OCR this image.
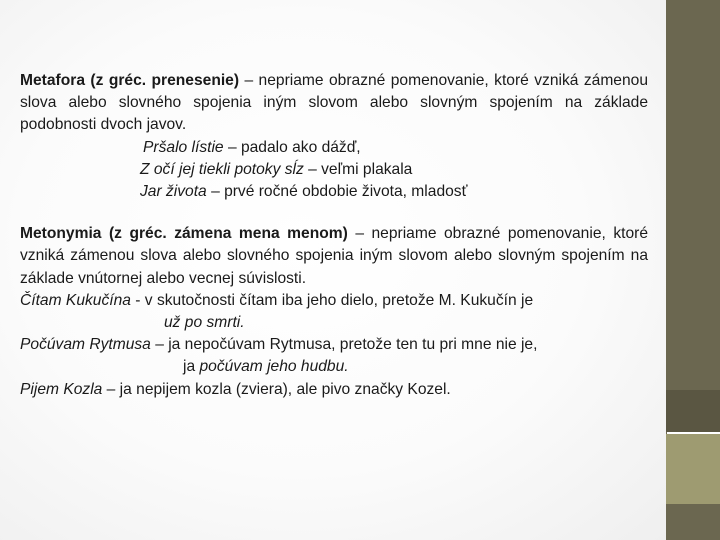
Metafora (z gréc. prenesenie) – nepriame obrazné pomenovanie, ktoré vzniká zámenou slova alebo slovného spojenia iným slovom alebo slovným spojením na základe podobnosti dvoch javov.

Pršalo lístie – padalo ako dážď,

Z očí jej tiekli potoky sĺz – veľmi plakala

Jar života – prvé ročné obdobie života, mladosť

Metonymia (z gréc. zámena mena menom) – nepriame obrazné pomenovanie, ktoré vzniká zámenou slova alebo slovného spojenia iným slovom alebo slovným spojením na základe vnútornej alebo vecnej súvislosti.

Čítam Kukučína - v skutočnosti čítam iba jeho dielo, pretože M. Kukučín je

už po smrti.

Počúvam Rytmusa – ja nepočúvam Rytmusa, pretože ten tu pri mne nie je,

ja počúvam jeho hudbu.

Pijem Kozla – ja nepijem kozla (zviera), ale pivo značky Kozel.
